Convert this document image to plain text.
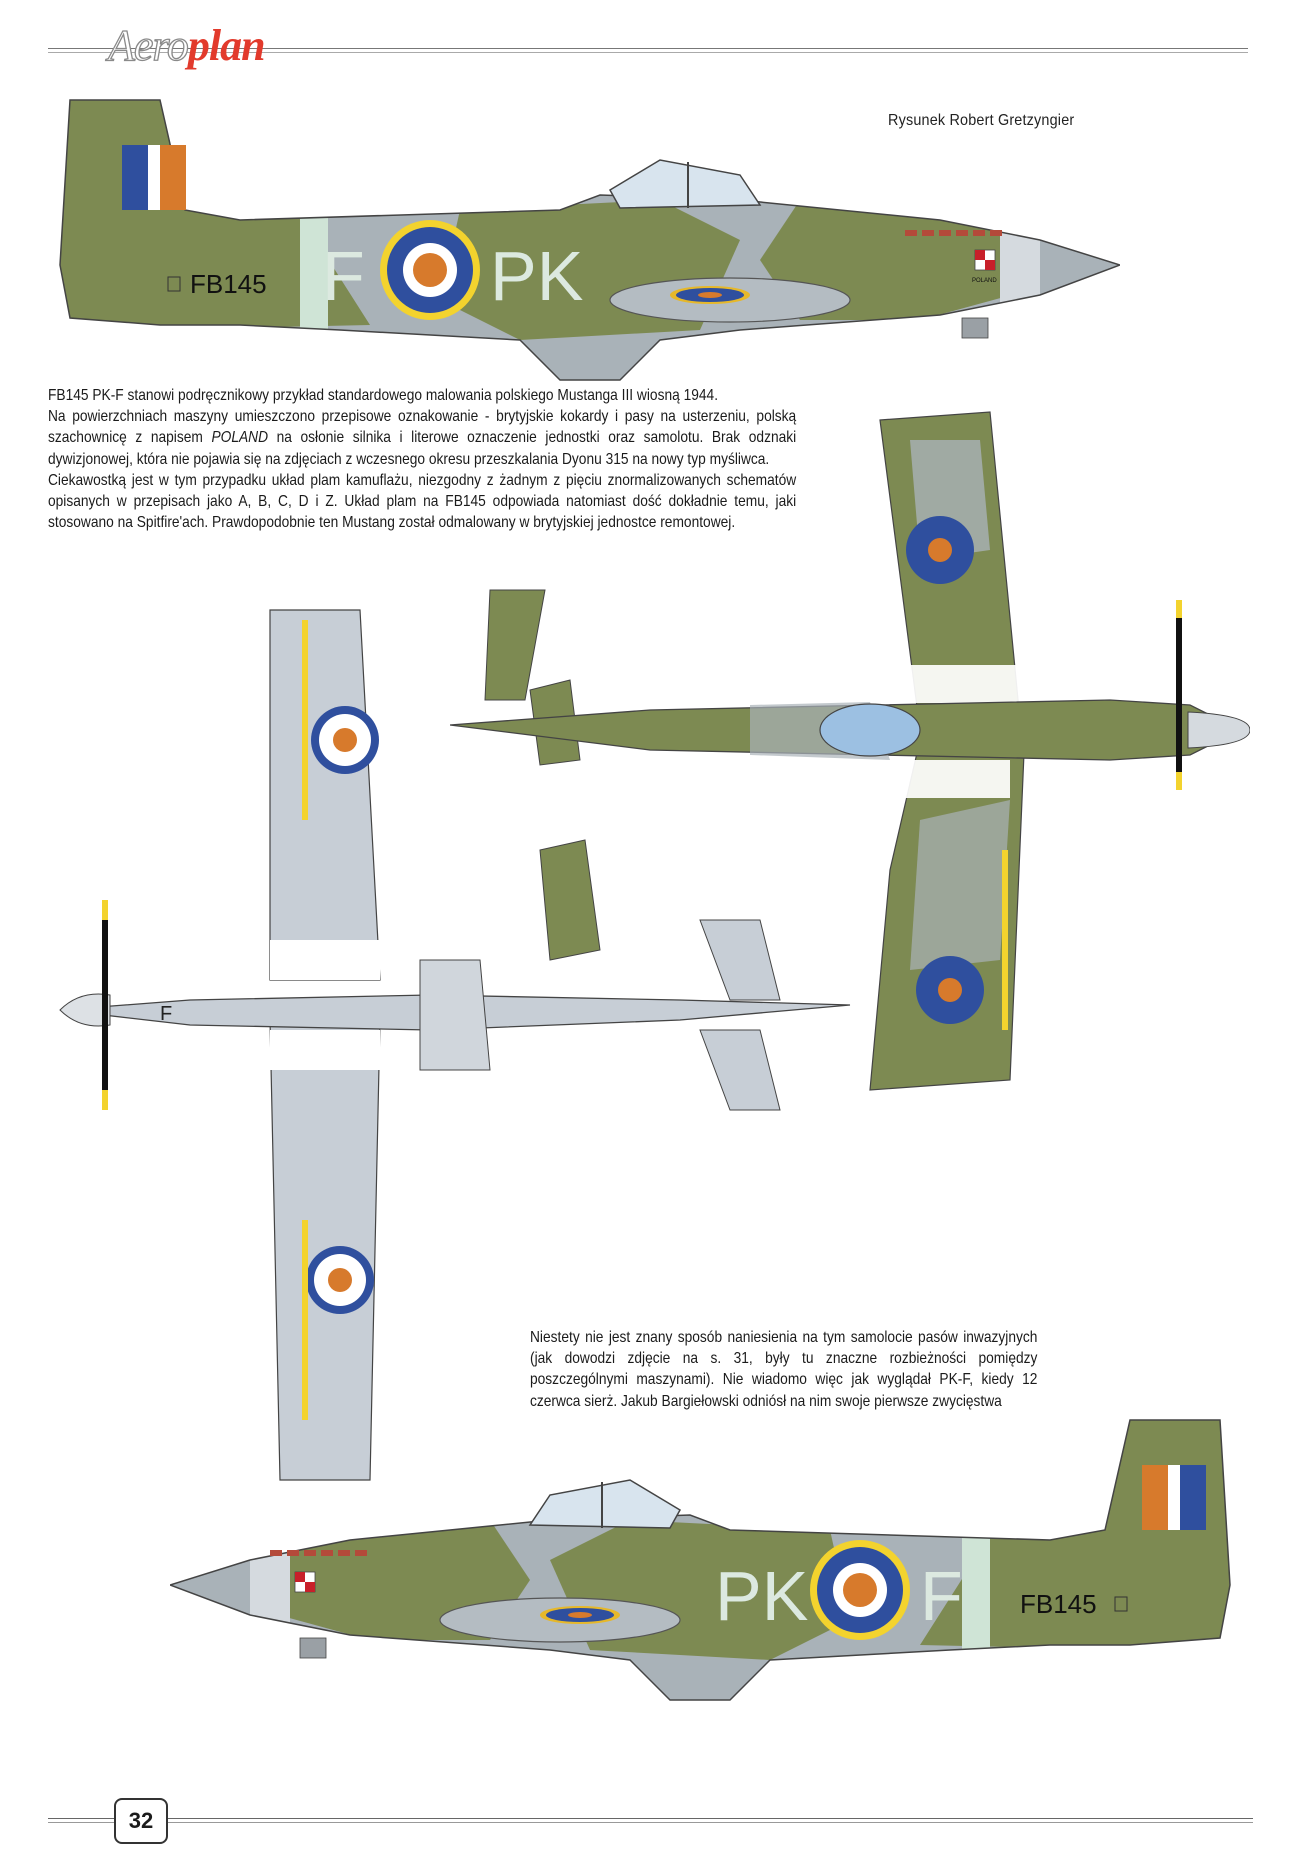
Aeroplan
Rysunek Robert Gretzyngier
F PK
FB145	POLAND

FB145 PK-F stanowi podręcznikowy przykład standardowego malowania polskiego Mustanga III wiosną 1944.

Na powierzchniach maszyny umieszczono przepisowe oznakowanie - brytyjskie kokardy i pasy na usterzeniu, polską szachownicę z napisem POLAND na osłonie silnika i literowe oznaczenie jednostki oraz samolotu. Brak odznaki dywizjonowej, która nie pojawia się na zdjęciach z wczesnego okresu przeszkalania Dyonu 315 na nowy typ myśliwca.

Ciekawostką jest w tym przypadku układ plam kamuflażu, niezgodny z żadnym z pięciu znormalizowanych schematów opisanych w przepisach jako A, B, C, D i Z. Układ plam na FB145 odpowiada natomiast dość dokładnie temu, jaki stosowano na Spitfire'ach. Prawdopodobnie ten Mustang został odmalowany w brytyjskiej jednostce remontowej.

F

Niestety nie jest znany sposób naniesienia na tym samolocie pasów inwazyjnych (jak dowodzi zdjęcie na s. 31, były tu znaczne rozbieżności pomiędzy poszczególnymi maszynami). Nie wiadomo więc jak wyglądał PK-F, kiedy 12 czerwca sierż. Jakub Bargiełowski odniósł na nim swoje pierwsze zwycięstwa

PK F FB145
32
